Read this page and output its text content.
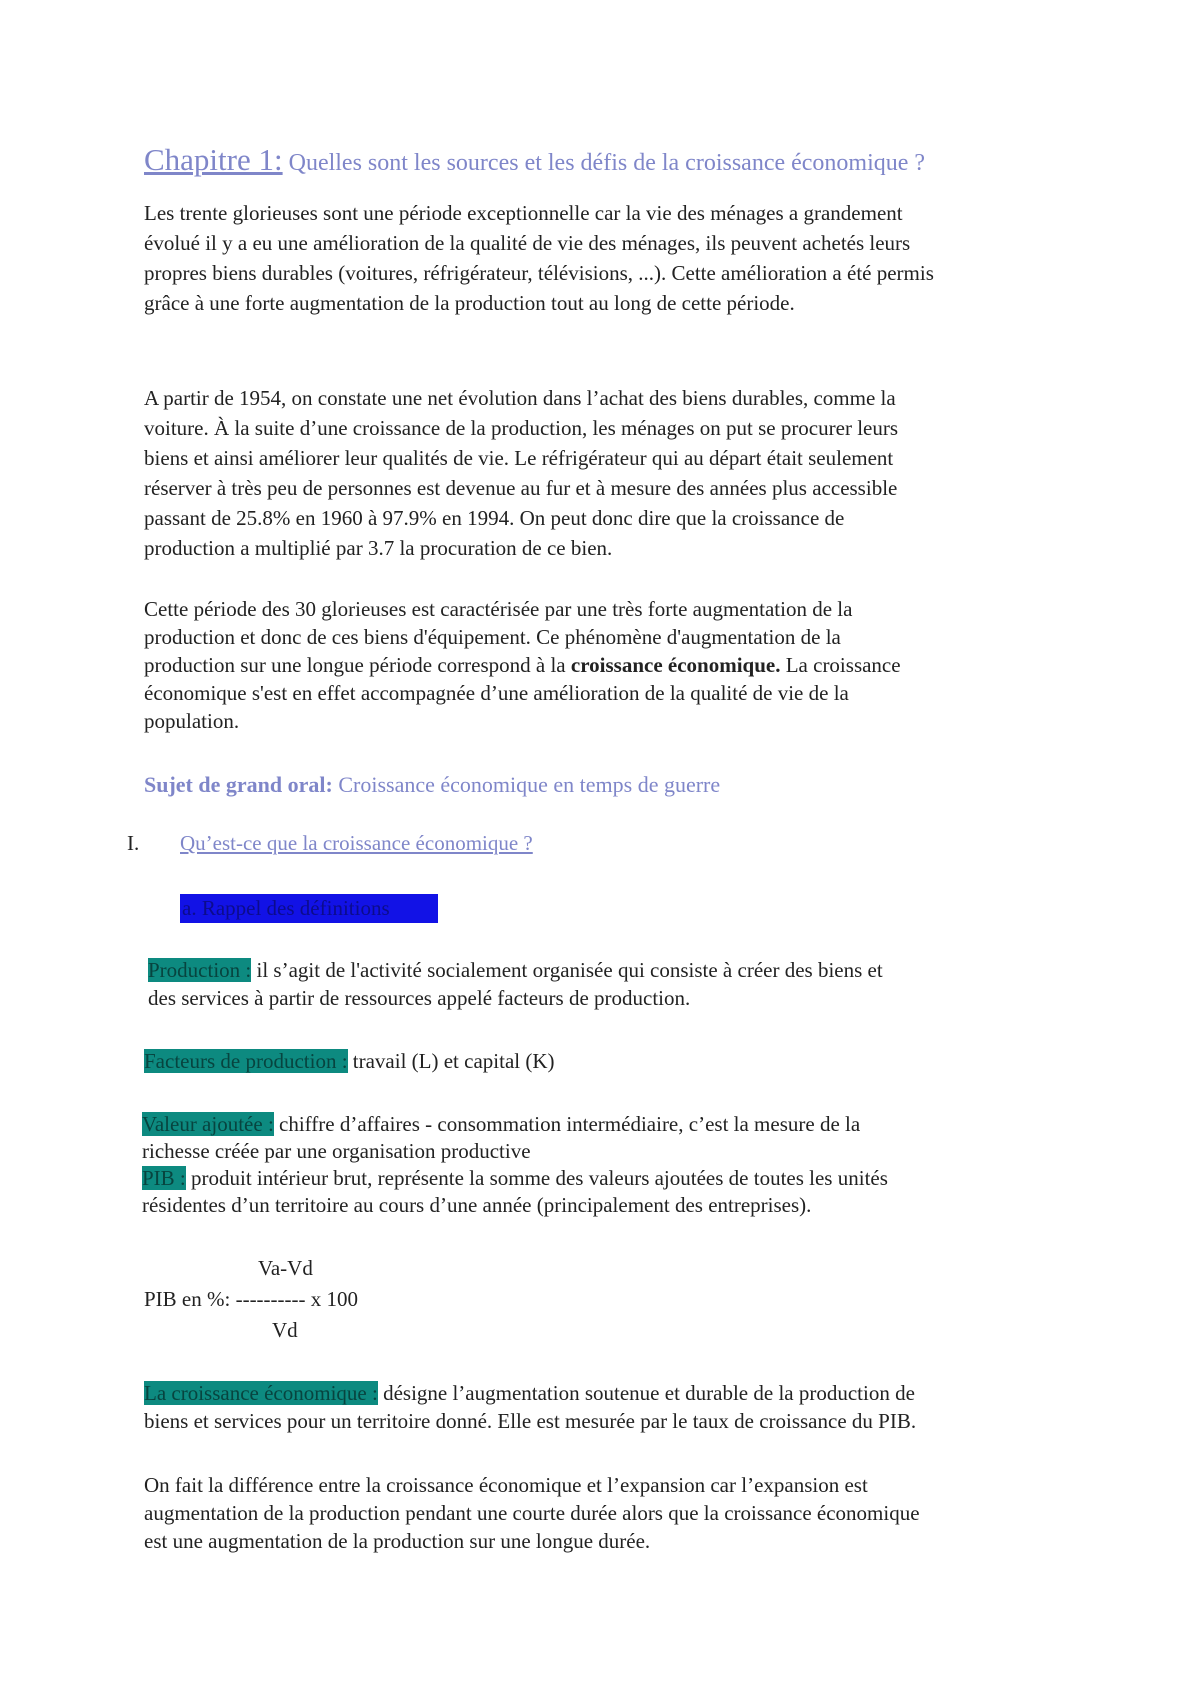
Chapitre 1: Quelles sont les sources et les défis de la croissance économique ?
Les trente glorieuses sont une période exceptionnelle car la vie des ménages a grandement
évolué il y a eu une amélioration de la qualité de vie des ménages, ils peuvent achetés leurs
propres biens durables (voitures, réfrigérateur, télévisions, ...). Cette amélioration a été permis
grâce à une forte augmentation de la production tout au long de cette période.
A partir de 1954, on constate une net évolution dans l’achat des biens durables, comme la
voiture. À la suite d’une croissance de la production, les ménages on put se procurer leurs
biens et ainsi améliorer leur qualités de vie. Le réfrigérateur qui au départ était seulement
réserver à très peu de personnes est devenue au fur et à mesure des années plus accessible
passant de 25.8% en 1960 à 97.9% en 1994. On peut donc dire que la croissance de
production a multiplié par 3.7 la procuration de ce bien.
Cette période des 30 glorieuses est caractérisée par une très forte augmentation de la
production et donc de ces biens d'équipement. Ce phénomène d'augmentation de la
production sur une longue période correspond à la croissance économique. La croissance
économique s'est en effet accompagnée d’une amélioration de la qualité de vie de la
population.
Sujet de grand oral: Croissance économique en temps de guerre
I. Qu’est-ce que la croissance économique ?
a. Rappel des définitions
Production : il s’agit de l'activité socialement organisée qui consiste à créer des biens et
des services à partir de ressources appelé facteurs de production.
Facteurs de production : travail (L) et capital (K)
Valeur ajoutée : chiffre d’affaires - consommation intermédiaire, c’est la mesure de la
richesse créée par une organisation productive
PIB : produit intérieur brut, représente la somme des valeurs ajoutées de toutes les unités
résidentes d’un territoire au cours d’une année (principalement des entreprises).
Va-Vd
PIB en %: ---------- x 100
Vd
La croissance économique : désigne l’augmentation soutenue et durable de la production de
biens et services pour un territoire donné. Elle est mesurée par le taux de croissance du PIB.
On fait la différence entre la croissance économique et l’expansion car l’expansion est
augmentation de la production pendant une courte durée alors que la croissance économique
est une augmentation de la production sur une longue durée.
